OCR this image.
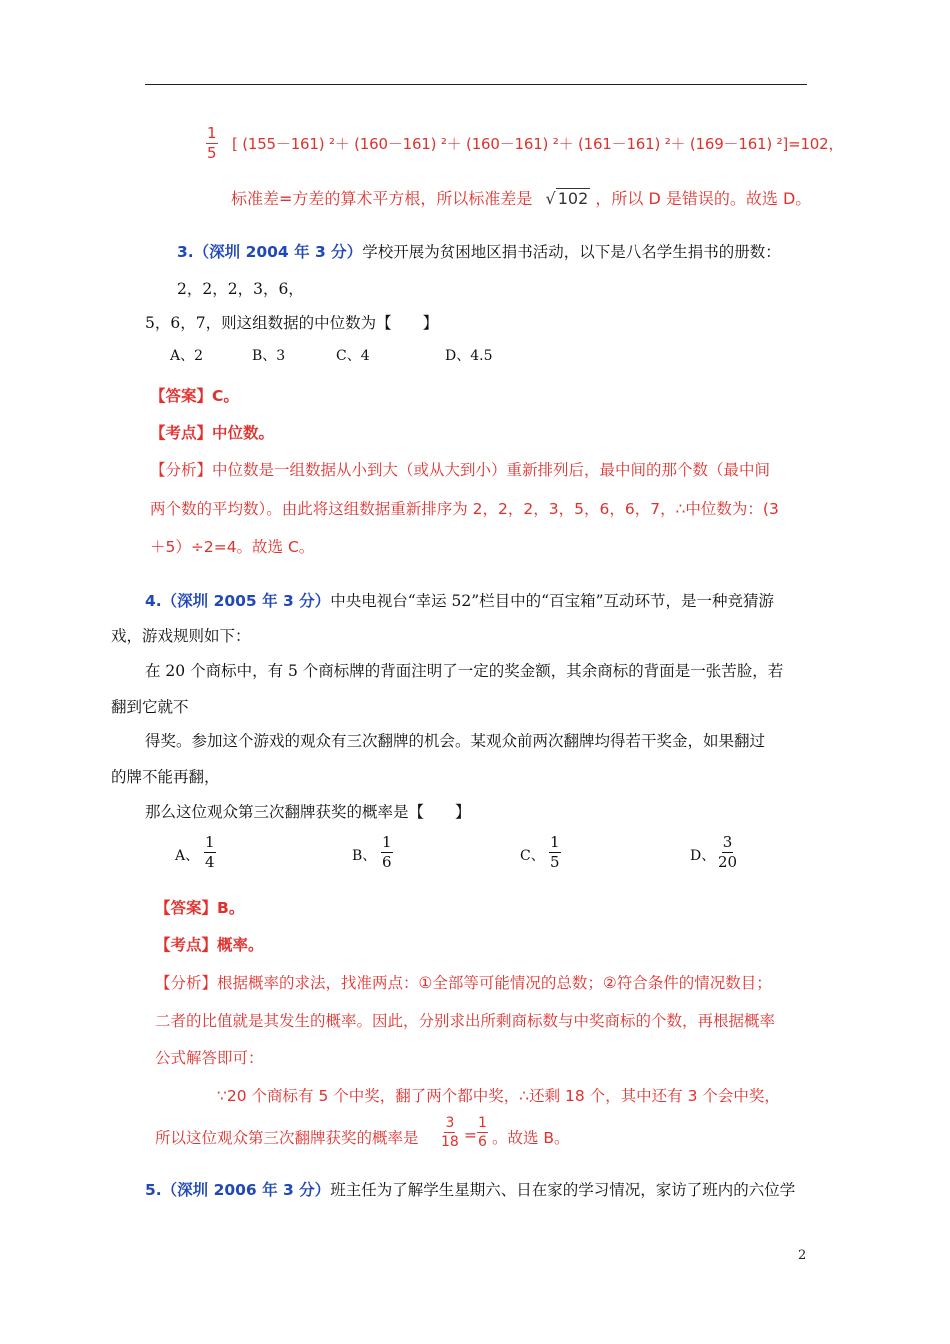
$\frac{1}{5}$ [ (155－161) ²＋ (160－161) ²＋ (160－161) ²＋ (161－161) ²＋ (169－161) ²]=102，
标准差=方差的算术平方根，所以标准差是 √ 102 ，所以 D 是错误的。故选 D。
3.（深圳 2004 年 3 分）学校开展为贫困地区捐书活动，以下是八名学生捐书的册数：
2，2，2，3，6，
5，6，7，则这组数据的中位数为【　　】
A、2	B、3	C、4	D、4.5
【答案】C。
【考点】中位数。
【分析】中位数是一组数据从小到大（或从大到小）重新排列后，最中间的那个数（最中间
两个数的平均数）。由此将这组数据重新排序为 2，2，2，3，5，6，6，7，∴中位数为：(3
＋5）÷2=4。故选 C。
4.（深圳 2005 年 3 分）中央电视台“幸运 52”栏目中的“百宝箱”互动环节，是一种竞猜游
戏，游戏规则如下：
在 20 个商标中，有 5 个商标牌的背面注明了一定的奖金额，其余商标的背面是一张苦脸，若
翻到它就不
得奖。参加这个游戏的观众有三次翻牌的机会。某观众前两次翻牌均得若干奖金，如果翻过
的牌不能再翻，
那么这位观众第三次翻牌获奖的概率是【　　】
A、 $\frac{1}{4}$	B、 $\frac{1}{6}$	C、 $\frac{1}{5}$	D、 $\frac{3}{20}$
【答案】B。
【考点】概率。
【分析】根据概率的求法，找准两点：①全部等可能情况的总数；②符合条件的情况数目；
二者的比值就是其发生的概率。因此，分别求出所剩商标数与中奖商标的个数，再根据概率
公式解答即可：
∵20 个商标有 5 个中奖，翻了两个都中奖，∴还剩 18 个，其中还有 3 个会中奖，
所以这位观众第三次翻牌获奖的概率是 $\frac{3}{18} = \frac{1}{6}$ 。故选 B。
5.（深圳 2006 年 3 分）班主任为了解学生星期六、日在家的学习情况，家访了班内的六位学
2
